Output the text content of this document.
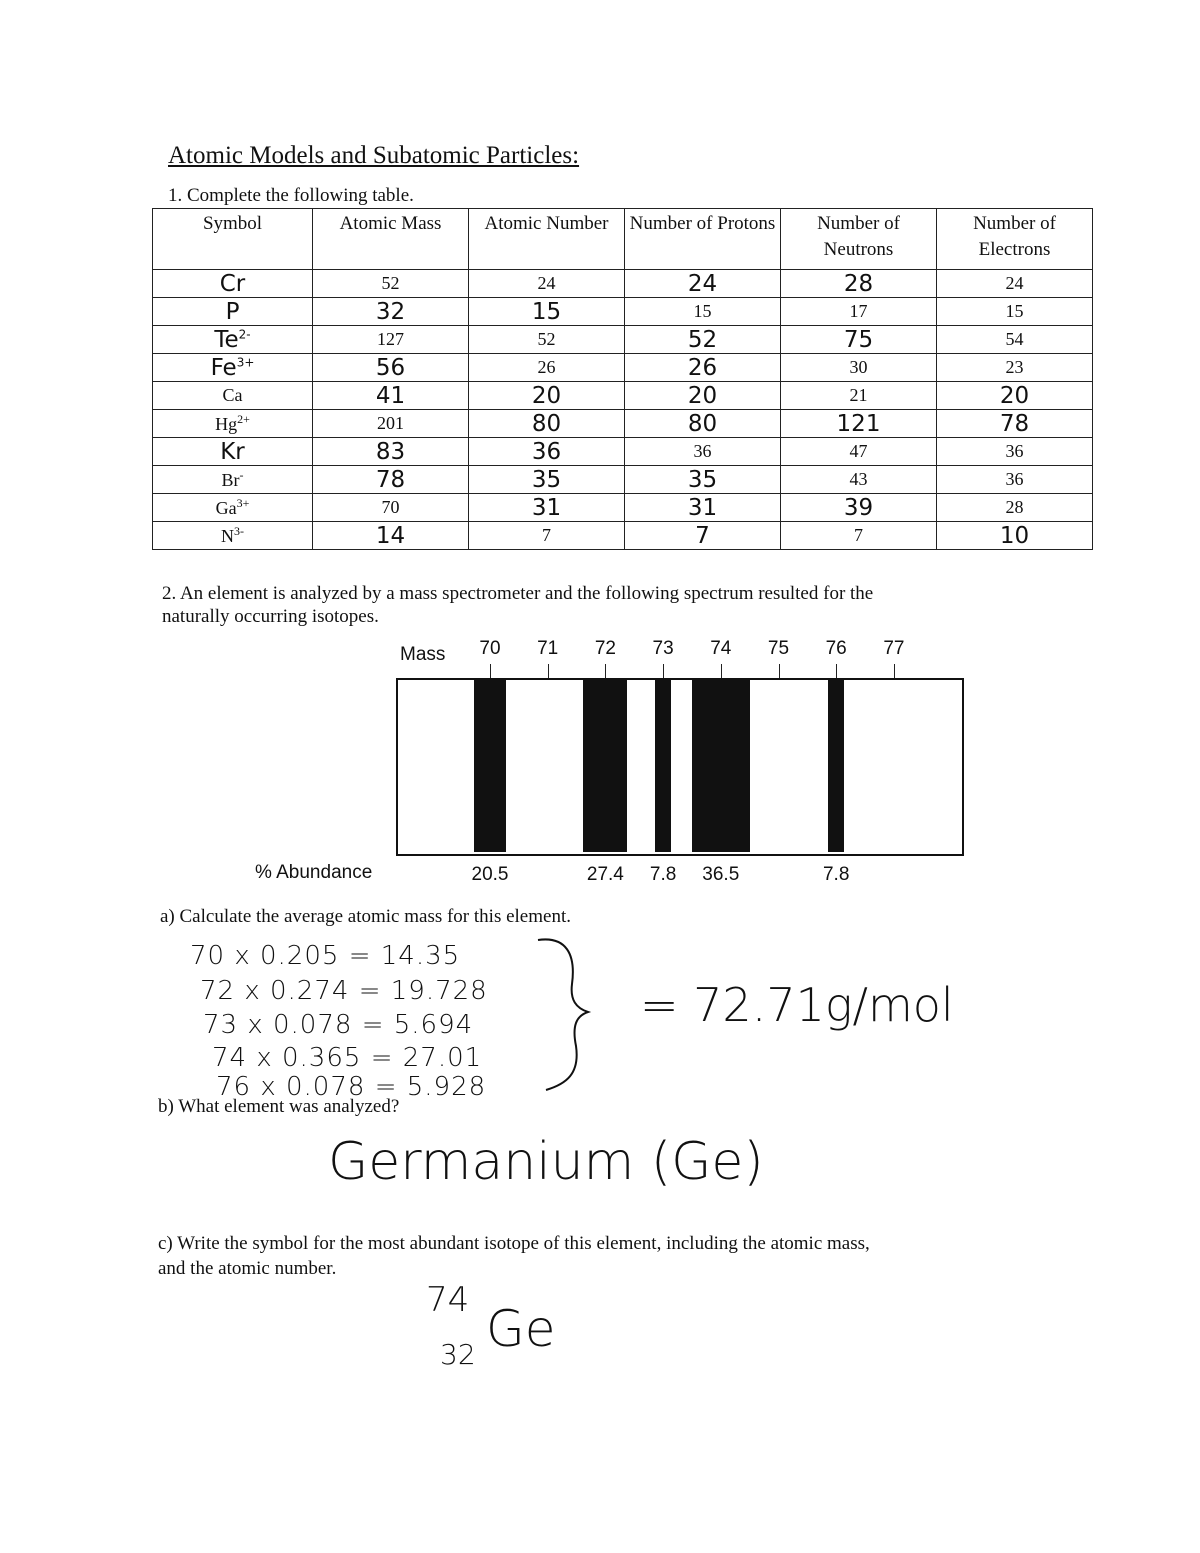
Atomic Models and Subatomic Particles:
1. Complete the following table.
Symbol	Atomic Mass	Atomic Number	Number of Protons	Number of Neutrons	Number of Electrons
Cr	52	24	24	28	24
P	32	15	15	17	15
$Te^{2-}$	127	52	52	75	54
$Fe^{3+}$	56	26	26	30	23
Ca	41	20	20	21	20
$Hg^{2+}$	201	80	80	121	78
Kr	83	36	36	47	36
Br-	78	35	35	43	36
$Ga^{3+}$	70	31	31	39	28
$N^{3-}$	14	7	7	7	10
2. An element is analyzed by a mass spectrometer and the following spectrum resulted for the
naturally occurring isotopes.
Mass 70 71 72 73 74 75 76 77
% Abundance	20.5	27.4	7.8	36.5	7.8
a) Calculate the average atomic mass for this element.
70 x 0.205 = 14.35
72 x 0.274 = 19.728
73 x 0.078 = 5.694
74 x 0.365 = 27.01
76 x 0.078 = 5.928
= 72.71g/mol
b) What element was analyzed?
Germanium (Ge)
c) Write the symbol for the most abundant isotope of this element, including the atomic mass,
and the atomic number.
74
32 Ge
